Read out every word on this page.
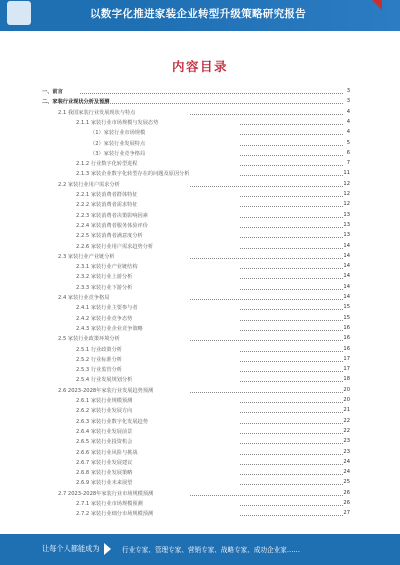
以数字化推进家装企业转型升级策略研究报告
内容目录
一、前言	3
二、家装行业现状分析及预测	3
2.1 我国家装行业发展现状与特点	4
2.1.1 家装行业市场规模与发展态势	4
（1）家装行业市场规模	4
（2）家装行业发展特点	5
（3）家装行业竞争格局	6
2.1.2 行业数字化转型进程	7
2.1.3 家装企业数字化转型存在的问题及原因分析	11
2.2 家装行业用户需求分析	12
2.2.1 家装消费者群体特征	12
2.2.2 家装消费者需求特征	12
2.2.3 家装消费者决策影响因素	13
2.2.4 家装消费者服务体验评价	13
2.2.5 家装消费者满意度分析	13
2.2.6 家装行业用户需求趋势分析	14
2.3 家装行业产业链分析	14
2.3.1 家装行业产业链结构	14
2.3.2 家装行业上游分析	14
2.3.3 家装行业下游分析	14
2.4 家装行业竞争格局	14
2.4.1 家装行业主要参与者	15
2.4.2 家装行业竞争态势	15
2.4.3 家装行业企业竞争策略	16
2.5 家装行业政策环境分析	16
2.5.1 行业政策分析	16
2.5.2 行业标准分析	17
2.5.3 行业监管分析	17
2.5.4 行业发展规划分析	18
2.6 2023-2028年家装行业发展趋势预测	20
2.6.1 家装行业规模预测	20
2.6.2 家装行业发展方向	21
2.6.3 家装行业数字化发展趋势	22
2.6.4 家装行业发展前景	22
2.6.5 家装行业投资机会	23
2.6.6 家装行业风险与挑战	23
2.6.7 家装行业发展建议	24
2.6.8 家装行业发展策略	24
2.6.9 家装行业未来展望	25
2.7 2023-2028年家装行业市场规模预测	26
2.7.1 家装行业市场规模预测	26
2.7.2 家装行业细分市场规模预测	27
让每个人都能成为	行业专家、管理专家、营销专家、战略专家、成功企业家……
